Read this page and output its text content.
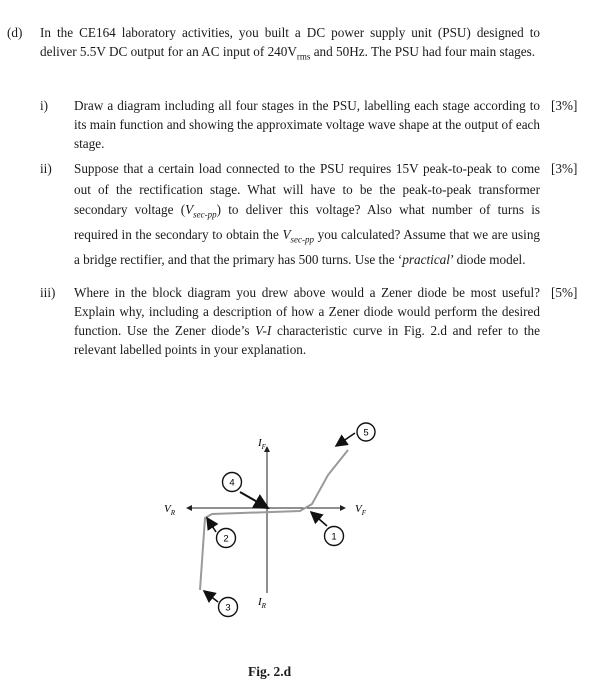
(d) In the CE164 laboratory activities, you built a DC power supply unit (PSU) designed to deliver 5.5V DC output for an AC input of $240V_{rms}$ and 50Hz. The PSU had four main stages.
i) Draw a diagram including all four stages in the PSU, labelling each stage according to its main function and showing the approximate voltage wave shape at the output of each stage.
[3%]
ii) Suppose that a certain load connected to the PSU requires 15V peak-to-peak to come out of the rectification stage. What will have to be the peak-to-peak transformer secondary voltage $(V_{sec-pp})$ to deliver this voltage? Also what number of turns is required in the secondary to obtain the $V_{sec-pp}$ you calculated? Assume that we are using a bridge rectifier, and that the primary has 500 turns. Use the ‘practical’ diode model.
[3%]
iii) Where in the block diagram you drew above would a Zener diode be most useful? Explain why, including a description of how a Zener diode would perform the desired function. Use the Zener diode’s V-I characteristic curve in Fig. 2.d and refer to the relevant labelled points in your explanation.
[5%]
5
4
1
2
3
$I_F$
$I_R$
$V_R$	$V_F$
Fig. 2.d
